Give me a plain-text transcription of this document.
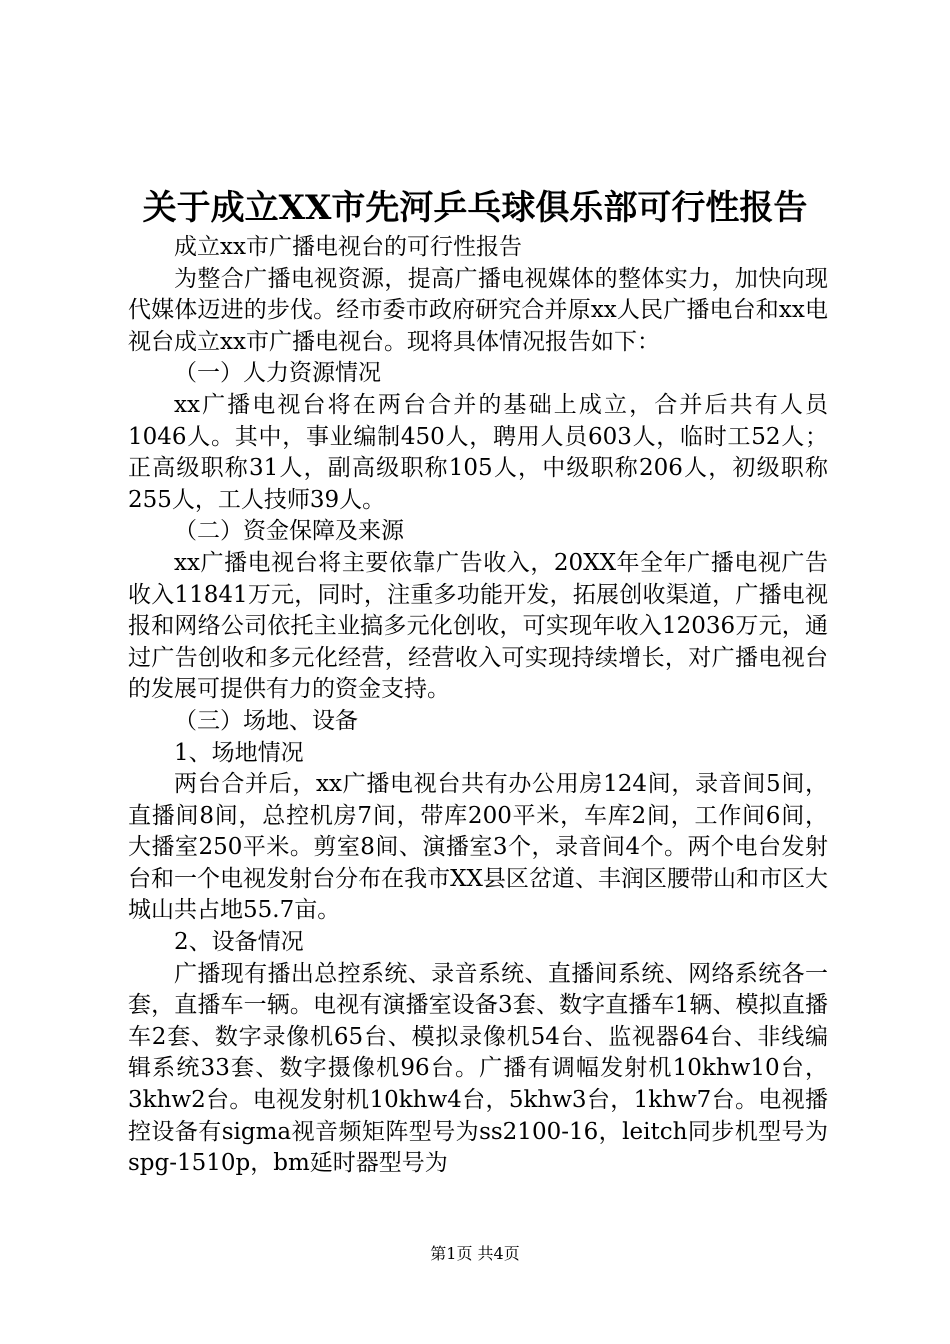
关于成立XX市先河乒乓球俱乐部可行性报告

成立xx市广播电视台的可行性报告

为整合广播电视资源，提高广播电视媒体的整体实力，加快向现代媒体迈进的步伐。经市委市政府研究合并原xx人民广播电台和xx电视台成立xx市广播电视台。现将具体情况报告如下：

（一）人力资源情况

xx广播电视台将在两台合并的基础上成立，合并后共有人员1046人。其中，事业编制450人，聘用人员603人，临时工52人；正高级职称31人，副高级职称105人，中级职称206人，初级职称255人，工人技师39人。

（二）资金保障及来源

xx广播电视台将主要依靠广告收入，20XX年全年广播电视广告收入11841万元，同时，注重多功能开发，拓展创收渠道，广播电视报和网络公司依托主业搞多元化创收，可实现年收入12036万元，通过广告创收和多元化经营，经营收入可实现持续增长，对广播电视台的发展可提供有力的资金支持。

（三）场地、设备

1、场地情况

两台合并后，xx广播电视台共有办公用房124间，录音间5间，直播间8间，总控机房7间，带库200平米，车库2间，工作间6间，大播室250平米。剪室8间、演播室3个，录音间4个。两个电台发射台和一个电视发射台分布在我市XX县区岔道、丰润区腰带山和市区大城山共占地55.7亩。

2、设备情况

广播现有播出总控系统、录音系统、直播间系统、网络系统各一套，直播车一辆。电视有演播室设备3套、数字直播车1辆、模拟直播车2套、数字录像机65台、模拟录像机54台、监视器64台、非线编辑系统33套、数字摄像机96台。广播有调幅发射机10khw10台，3khw2台。电视发射机10khw4台，5khw3台，1khw7台。电视播控设备有sigma视音频矩阵型号为ss2100-16，leitch同步机型号为spg-1510p，bm延时器型号为

第1页 共4页
